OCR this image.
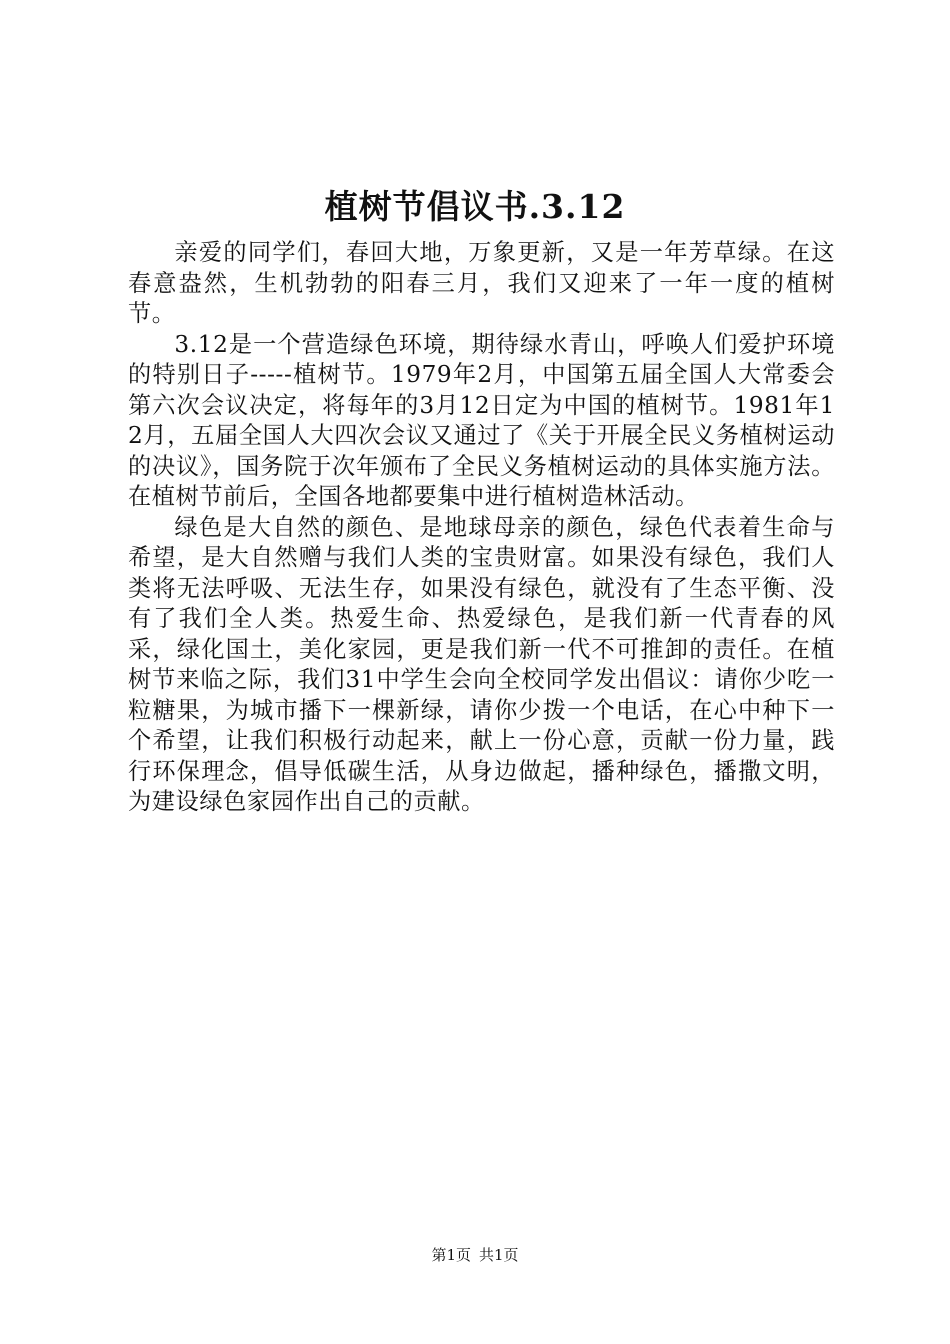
植树节倡议书.3.12

亲爱的同学们，春回大地，万象更新，又是一年芳草绿。在这春意盎然，生机勃勃的阳春三月，我们又迎来了一年一度的植树节。

3.12是一个营造绿色环境，期待绿水青山，呼唤人们爱护环境的特别日子-----植树节。1979年2月，中国第五届全国人大常委会第六次会议决定，将每年的3月12日定为中国的植树节。1981年12月，五届全国人大四次会议又通过了《关于开展全民义务植树运动的决议》，国务院于次年颁布了全民义务植树运动的具体实施方法。在植树节前后，全国各地都要集中进行植树造林活动。

绿色是大自然的颜色、是地球母亲的颜色，绿色代表着生命与希望，是大自然赠与我们人类的宝贵财富。如果没有绿色，我们人类将无法呼吸、无法生存，如果没有绿色，就没有了生态平衡、没有了我们全人类。热爱生命、热爱绿色，是我们新一代青春的风采，绿化国土，美化家园，更是我们新一代不可推卸的责任。在植树节来临之际，我们31中学生会向全校同学发出倡议：请你少吃一粒糖果，为城市播下一棵新绿，请你少拨一个电话，在心中种下一个希望，让我们积极行动起来，献上一份心意，贡献一份力量，践行环保理念，倡导低碳生活，从身边做起，播种绿色，播撒文明，为建设绿色家园作出自己的贡献。

第1页 共1页
